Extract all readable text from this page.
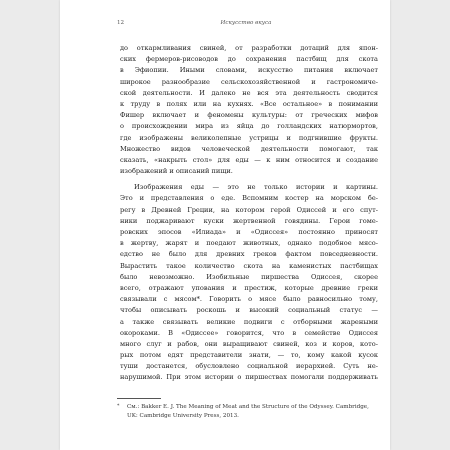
12	Искусство вкуса
до откармливания свиней, от разработки дотаций для япон-
ских фермеров-рисоводов до сохранения пастбищ для скота
в Эфиопии. Иными словами, искусство питания включает
широкое разнообразие сельскохозяйственной и гастрономиче-
ской деятельности. И далеко не вся эта деятельность сводится
к труду в полях или на кухнях. «Все остальное» в понимании
Фишер включает и феномены культуры: от греческих мифов
о происхождении мира из яйца до голландских натюрмортов,
где изображены великолепные устрицы и подгнившие фрукты.
Множество видов человеческой деятельности помогают, так
сказать, «накрыть стол» для еды — к ним относится и создание
изображений и описаний пищи.
Изображения еды — это не только истории и картины.
Это и представления о еде. Вспомним костер на морском бе-
регу в Древней Греции, на котором герой Одиссей и его спут-
ники поджаривают куски жертвенной говядины. Герои гоме-
ровских эпосов «Илиада» и «Одиссея» постоянно приносят
в жертву, жарят и поедают животных, однако подобное мясо-
едство не было для древних греков фактом повседневности.
Вырастить такое количество скота на каменистых пастбищах
было невозможно. Изобильные пиршества Одиссея, скорее
всего, отражают упования и престиж, которые древние греки
связывали с мясом*. Говорить о мясе было равносильно тому,
чтобы описывать роскошь и высокий социальный статус —
а также связывать великие подвиги с отборными жареными
окороками. В «Одиссее» говорится, что в семействе Одиссея
много слуг и рабов, они выращивают свиней, коз и коров, кото-
рых потом едят представители знати, — то, кому какой кусок
туши достанется, обусловлено социальной иерархией. Суть не-
нарушимой. При этом истории о пиршествах помогали поддерживать
*	См.: Bakker E. J. The Meaning of Meat and the Structure of the Odyssey. Cambridge,
UK: Cambridge University Press, 2013.
